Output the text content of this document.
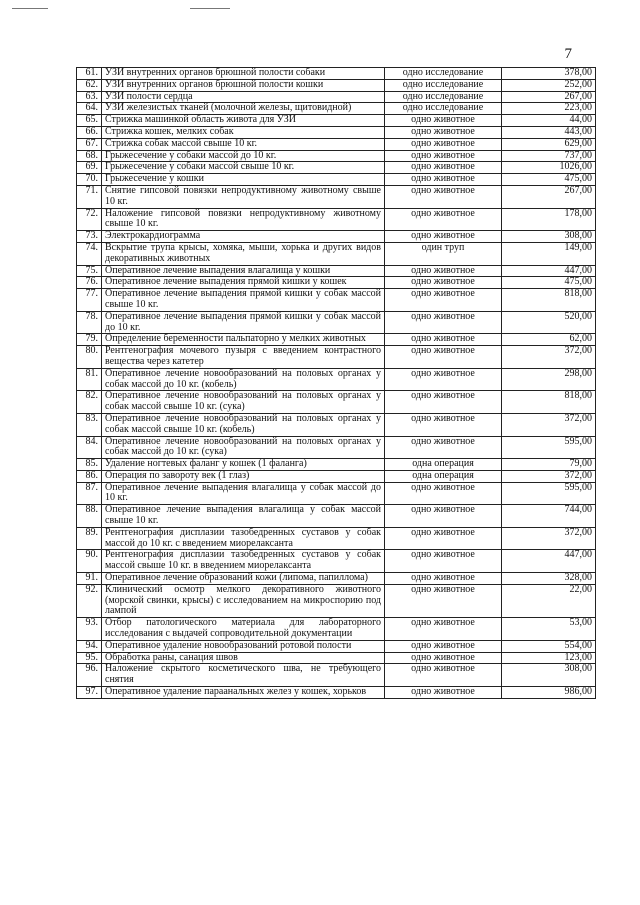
7
61.	УЗИ внутренних органов брюшной полости собаки	одно исследование	378,00
62.	УЗИ внутренних органов брюшной полости кошки	одно исследование	252,00
63.	УЗИ полости сердца	одно исследование	267,00
64.	УЗИ железистых тканей (молочной железы, щитовидной)	одно исследование	223,00
65.	Стрижка машинкой область живота для УЗИ	одно животное	44,00
66.	Стрижка кошек, мелких собак	одно животное	443,00
67.	Стрижка собак массой свыше 10 кг.	одно животное	629,00
68.	Грыжесечение у собаки массой до 10 кг.	одно животное	737,00
69.	Грыжесечение у собаки массой свыше 10 кг.	одно животное	1026,00
70.	Грыжесечение у кошки	одно животное	475,00
71.	Снятие гипсовой повязки непродуктивному животному свыше 10 кг.	одно животное	267,00
72.	Наложение гипсовой повязки непродуктивному животному свыше 10 кг.	одно животное	178,00
73.	Электрокардиограмма	одно животное	308,00
74.	Вскрытие трупа крысы, хомяка, мыши, хорька и других видов декоративных животных	один труп	149,00
75.	Оперативное лечение выпадения влагалища у кошки	одно животное	447,00
76.	Оперативное лечение выпадения прямой кишки у кошек	одно животное	475,00
77.	Оперативное лечение выпадения прямой кишки у собак массой свыше 10 кг.	одно животное	818,00
78.	Оперативное лечение выпадения прямой кишки у собак массой до 10 кг.	одно животное	520,00
79.	Определение беременности пальпаторно у мелких животных	одно животное	62,00
80.	Рентгенография мочевого пузыря с введением контрастного вещества через катетер	одно животное	372,00
81.	Оперативное лечение новообразований на половых органах у собак массой до 10 кг. (кобель)	одно животное	298,00
82.	Оперативное лечение новообразований на половых органах у собак массой свыше 10 кг. (сука)	одно животное	818,00
83.	Оперативное лечение новообразований на половых органах у собак массой свыше 10 кг. (кобель)	одно животное	372,00
84.	Оперативное лечение новообразований на половых органах у собак массой до 10 кг. (сука)	одно животное	595,00
85.	Удаление ногтевых фаланг у кошек (1 фаланга)	одна операция	79,00
86.	Операция по завороту век (1 глаз)	одна операция	372,00
87.	Оперативное лечение выпадения влагалища у собак массой до 10 кг.	одно животное	595,00
88.	Оперативное лечение выпадения влагалища у собак массой свыше 10 кг.	одно животное	744,00
89.	Рентгенография дисплазии тазобедренных суставов у собак массой до 10 кг. с введением миорелаксанта	одно животное	372,00
90.	Рентгенография дисплазии тазобедренных суставов у собак массой свыше 10 кг. в введением миорелаксанта	одно животное	447,00
91.	Оперативное лечение образований кожи (липома, папиллома)	одно животное	328,00
92.	Клинический осмотр мелкого декоративного животного (морской свинки, крысы) с исследованием на микроспорию под лампой	одно животное	22,00
93.	Отбор патологического материала для лабораторного исследования с выдачей сопроводительной документации	одно животное	53,00
94.	Оперативное удаление новообразований ротовой полости	одно животное	554,00
95.	Обработка раны, санация швов	одно животное	123,00
96.	Наложение скрытого косметического шва, не требующего снятия	одно животное	308,00
97.	Оперативное удаление параанальных желез у кошек, хорьков	одно животное	986,00
